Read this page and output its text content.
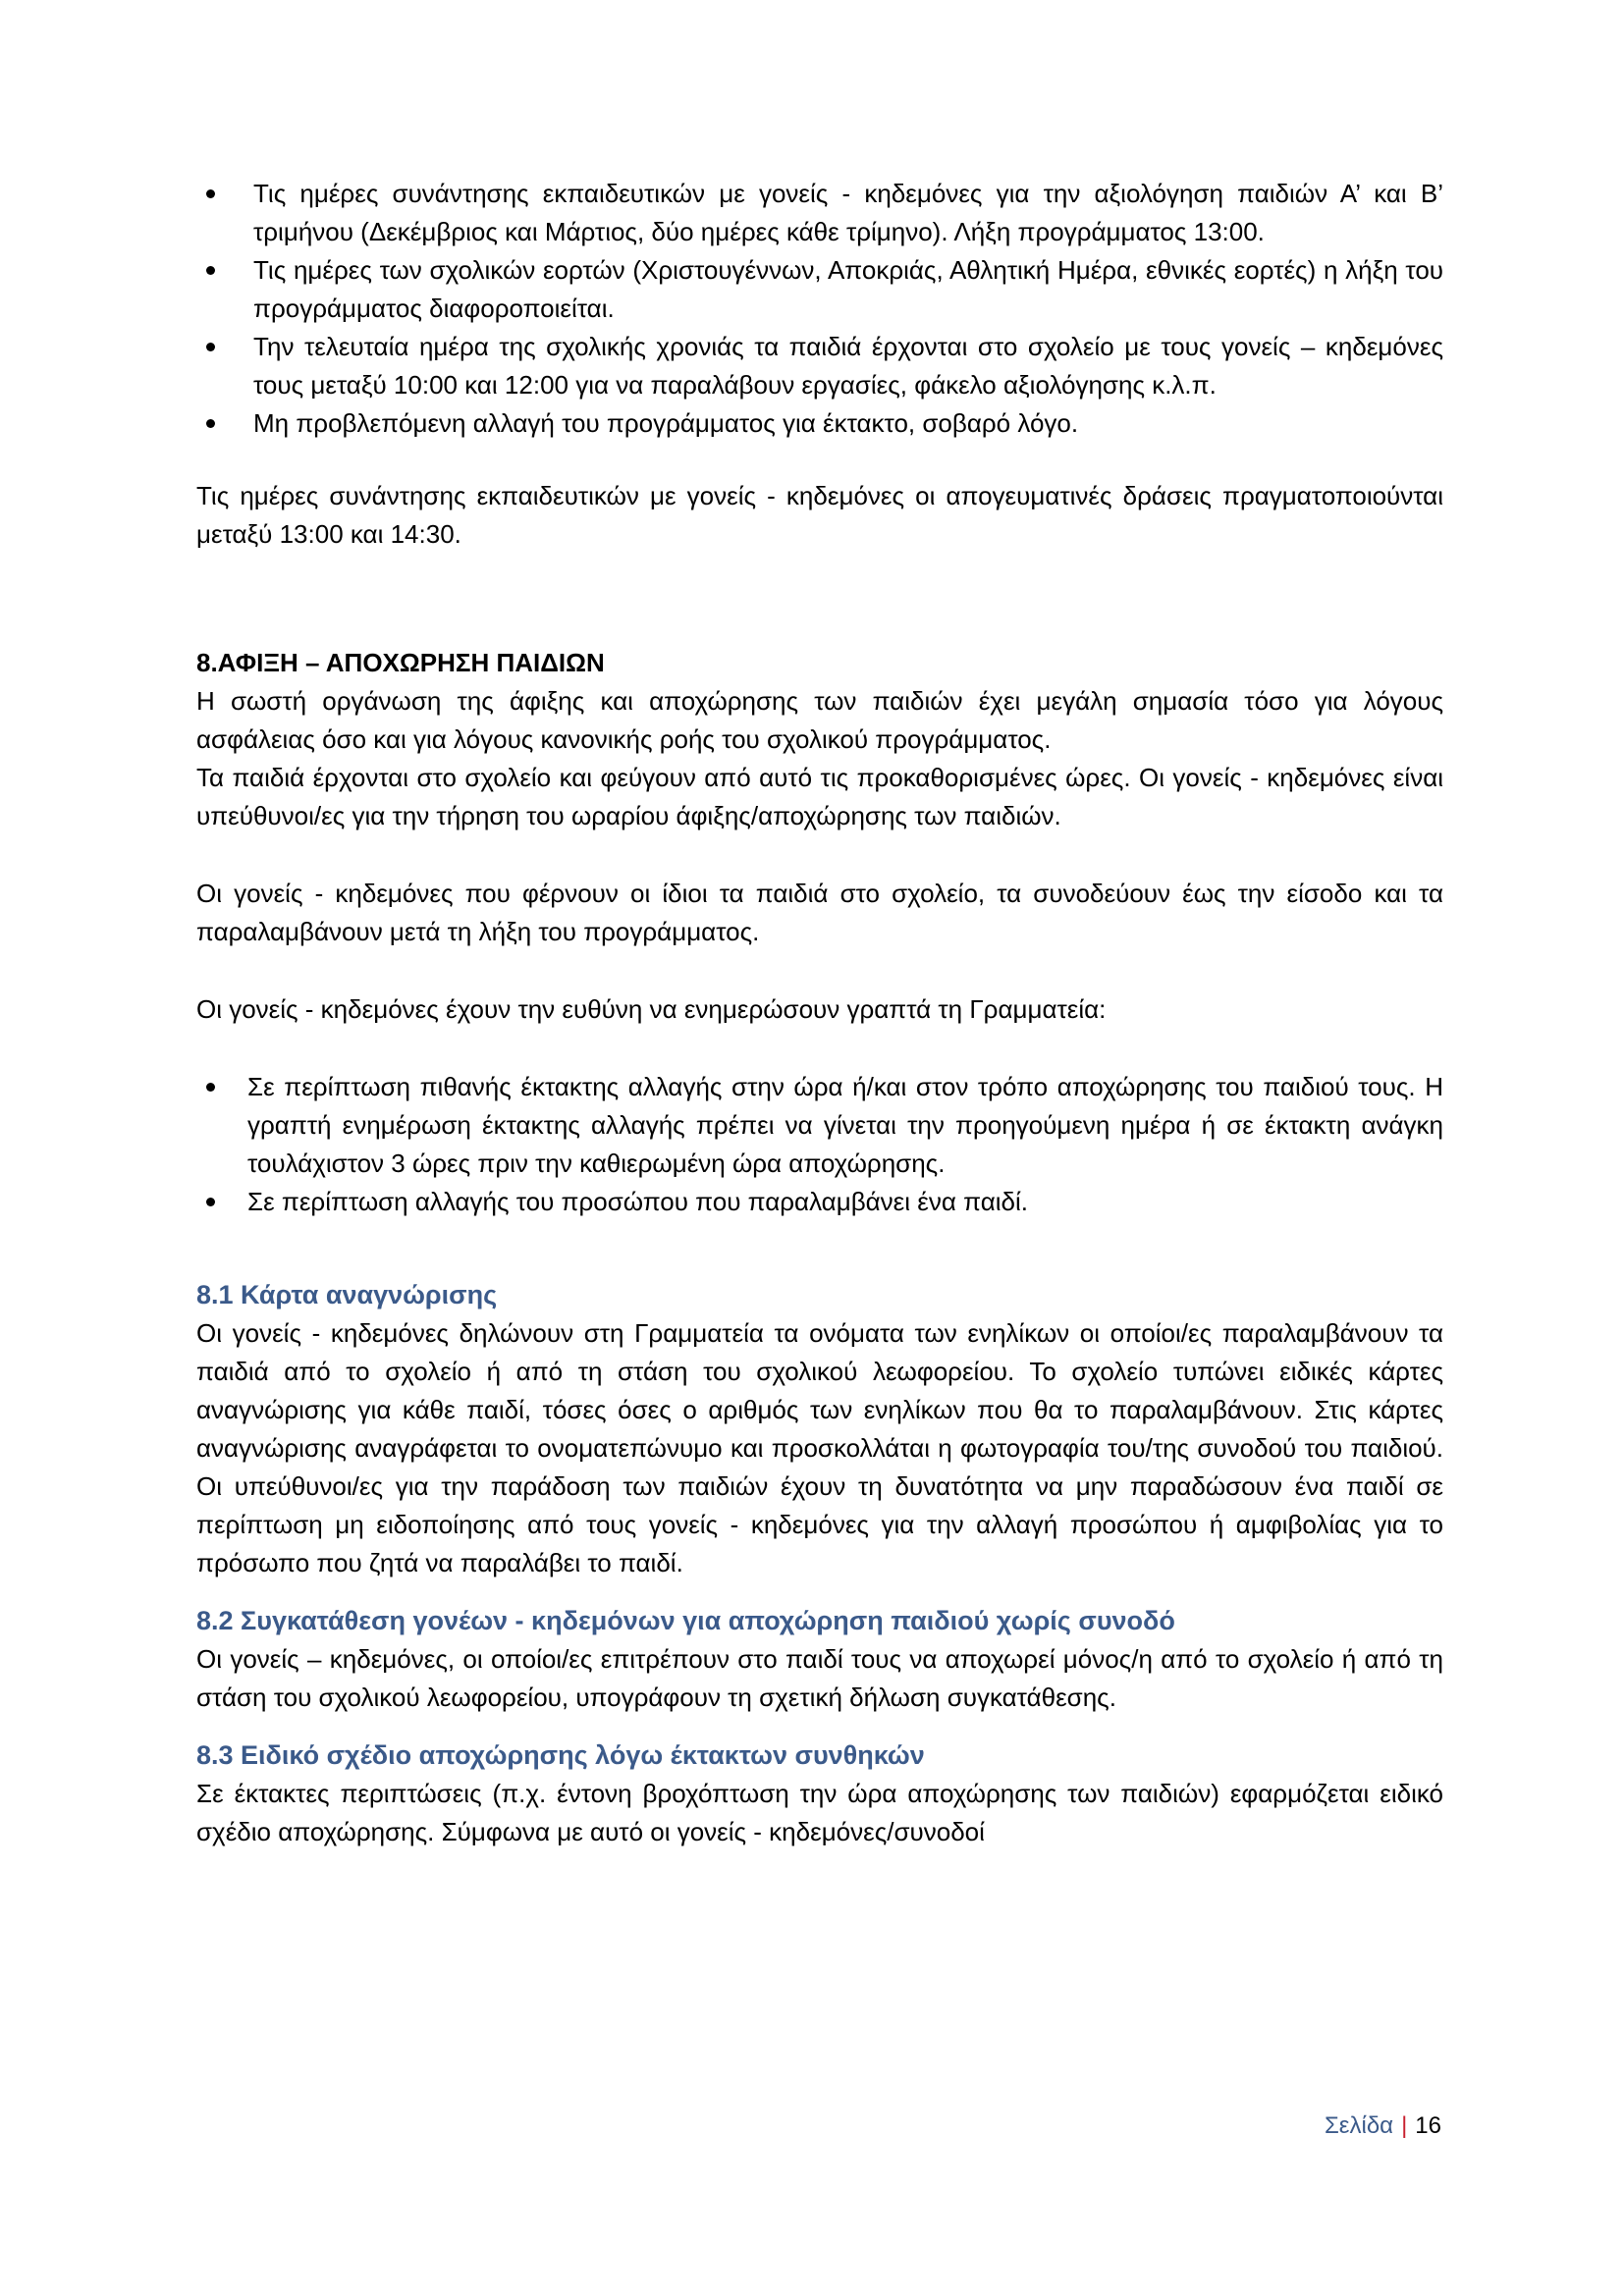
Τις ημέρες συνάντησης εκπαιδευτικών με γονείς - κηδεμόνες για την αξιολόγηση παιδιών Α’ και Β’ τριμήνου (Δεκέμβριος και Μάρτιος, δύο ημέρες κάθε τρίμηνο). Λήξη προγράμματος 13:00.
Τις ημέρες των σχολικών εορτών (Χριστουγέννων, Αποκριάς, Αθλητική Ημέρα, εθνικές εορτές) η λήξη του προγράμματος διαφοροποιείται.
Την τελευταία ημέρα της σχολικής χρονιάς τα παιδιά έρχονται στο σχολείο με τους γονείς – κηδεμόνες τους μεταξύ 10:00 και 12:00 για να παραλάβουν εργασίες, φάκελο αξιολόγησης κ.λ.π.
Μη προβλεπόμενη αλλαγή του προγράμματος για έκτακτο, σοβαρό λόγο.

Τις ημέρες συνάντησης εκπαιδευτικών με γονείς - κηδεμόνες οι απογευματινές δράσεις πραγματοποιούνται μεταξύ 13:00 και 14:30.

8.ΑΦΙΞΗ – ΑΠΟΧΩΡΗΣΗ ΠΑΙΔΙΩΝ

Η σωστή οργάνωση της άφιξης και αποχώρησης των παιδιών έχει μεγάλη σημασία τόσο για λόγους ασφάλειας όσο και για λόγους κανονικής ροής του σχολικού προγράμματος.

Τα παιδιά έρχονται στο σχολείο και φεύγουν από αυτό τις προκαθορισμένες ώρες. Οι γονείς - κηδεμόνες είναι υπεύθυνοι/ες για την τήρηση του ωραρίου άφιξης/αποχώρησης των παιδιών.

Οι γονείς - κηδεμόνες που φέρνουν οι ίδιοι τα παιδιά στο σχολείο, τα συνοδεύουν έως την είσοδο και τα παραλαμβάνουν μετά τη λήξη του προγράμματος.

Οι γονείς - κηδεμόνες έχουν την ευθύνη να ενημερώσουν γραπτά τη Γραμματεία:

Σε περίπτωση πιθανής έκτακτης αλλαγής στην ώρα ή/και στον τρόπο αποχώρησης του παιδιού τους. Η γραπτή ενημέρωση έκτακτης αλλαγής πρέπει να γίνεται την προηγούμενη ημέρα ή σε έκτακτη ανάγκη τουλάχιστον 3 ώρες πριν την καθιερωμένη ώρα αποχώρησης.
Σε περίπτωση αλλαγής του προσώπου που παραλαμβάνει ένα παιδί.

8.1 Κάρτα αναγνώρισης

Οι γονείς - κηδεμόνες δηλώνουν στη Γραμματεία τα ονόματα των ενηλίκων οι οποίοι/ες παραλαμβάνουν τα παιδιά από το σχολείο ή από τη στάση του σχολικού λεωφορείου. Το σχολείο τυπώνει ειδικές κάρτες αναγνώρισης για κάθε παιδί, τόσες όσες ο αριθμός των ενηλίκων που θα το παραλαμβάνουν. Στις κάρτες αναγνώρισης αναγράφεται το ονοματεπώνυμο και προσκολλάται η φωτογραφία του/της συνοδού του παιδιού. Οι υπεύθυνοι/ες για την παράδοση των παιδιών έχουν τη δυνατότητα να μην παραδώσουν ένα παιδί σε περίπτωση μη ειδοποίησης από τους γονείς - κηδεμόνες για την αλλαγή προσώπου ή αμφιβολίας για το πρόσωπο που ζητά να παραλάβει το παιδί.

8.2 Συγκατάθεση γονέων - κηδεμόνων για αποχώρηση παιδιού χωρίς συνοδό

Οι γονείς – κηδεμόνες, οι οποίοι/ες επιτρέπουν στο παιδί τους να αποχωρεί μόνος/η από το σχολείο ή από τη στάση του σχολικού λεωφορείου, υπογράφουν τη σχετική δήλωση συγκατάθεσης.

8.3 Ειδικό σχέδιο αποχώρησης λόγω έκτακτων συνθηκών

Σε έκτακτες περιπτώσεις (π.χ. έντονη βροχόπτωση την ώρα αποχώρησης των παιδιών) εφαρμόζεται ειδικό σχέδιο αποχώρησης. Σύμφωνα με αυτό οι γονείς - κηδεμόνες/συνοδοί

Σελίδα | 16
